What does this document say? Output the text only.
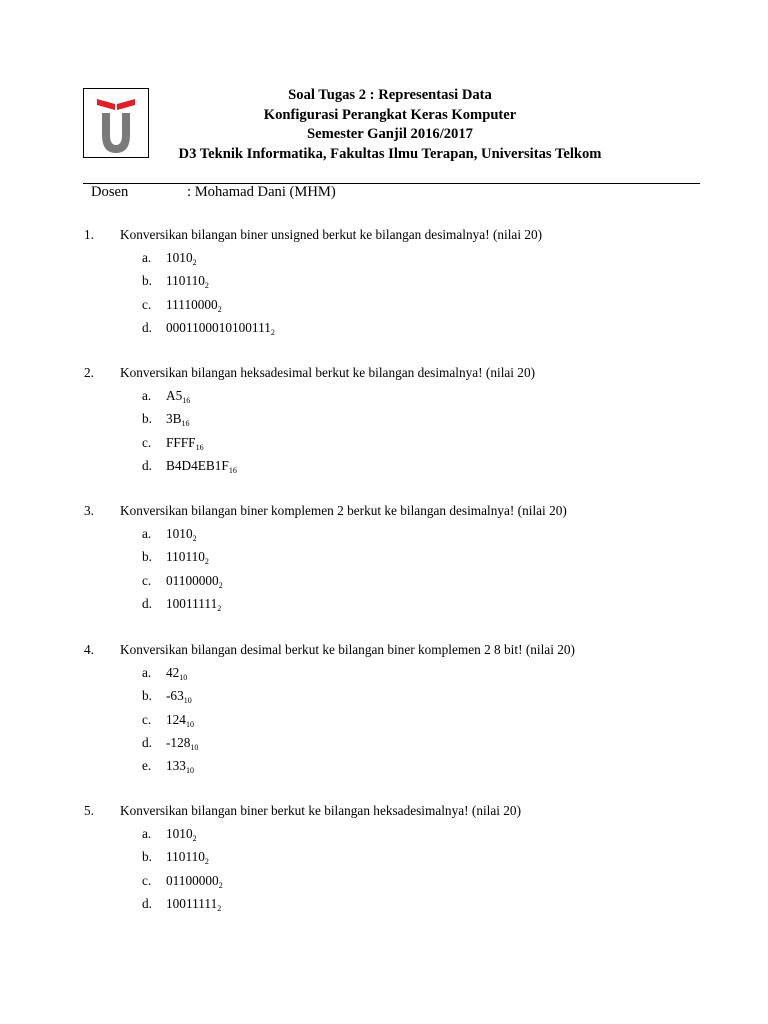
Soal Tugas 2 : Representasi Data
Konfigurasi Perangkat Keras Komputer
Semester Ganjil 2016/2017
D3 Teknik Informatika, Fakultas Ilmu Terapan, Universitas Telkom
Dosen	: Mohamad Dani (MHM)
1. Konversikan bilangan biner unsigned berkut ke bilangan desimalnya! (nilai 20)
a. $1010_2$
b. $110110_2$
c. $11110000_2$
d. $0001100010100111_2$
2. Konversikan bilangan heksadesimal berkut ke bilangan desimalnya! (nilai 20)
a. $A5_{16}$
b. $3B_{16}$
c. $FFFF_{16}$
d. $B4D4EB1F_{16}$
3. Konversikan bilangan biner komplemen 2 berkut ke bilangan desimalnya! (nilai 20)
a. $1010_2$
b. $110110_2$
c. $01100000_2$
d. $10011111_2$
4. Konversikan bilangan desimal berkut ke bilangan biner komplemen 2 8 bit! (nilai 20)
a. $42_{10}$
b. $-63_{10}$
c. $124_{10}$
d. $-128_{10}$
e. $133_{10}$
5. Konversikan bilangan biner berkut ke bilangan heksadesimalnya! (nilai 20)
a. $1010_2$
b. $110110_2$
c. $01100000_2$
d. $10011111_2$
